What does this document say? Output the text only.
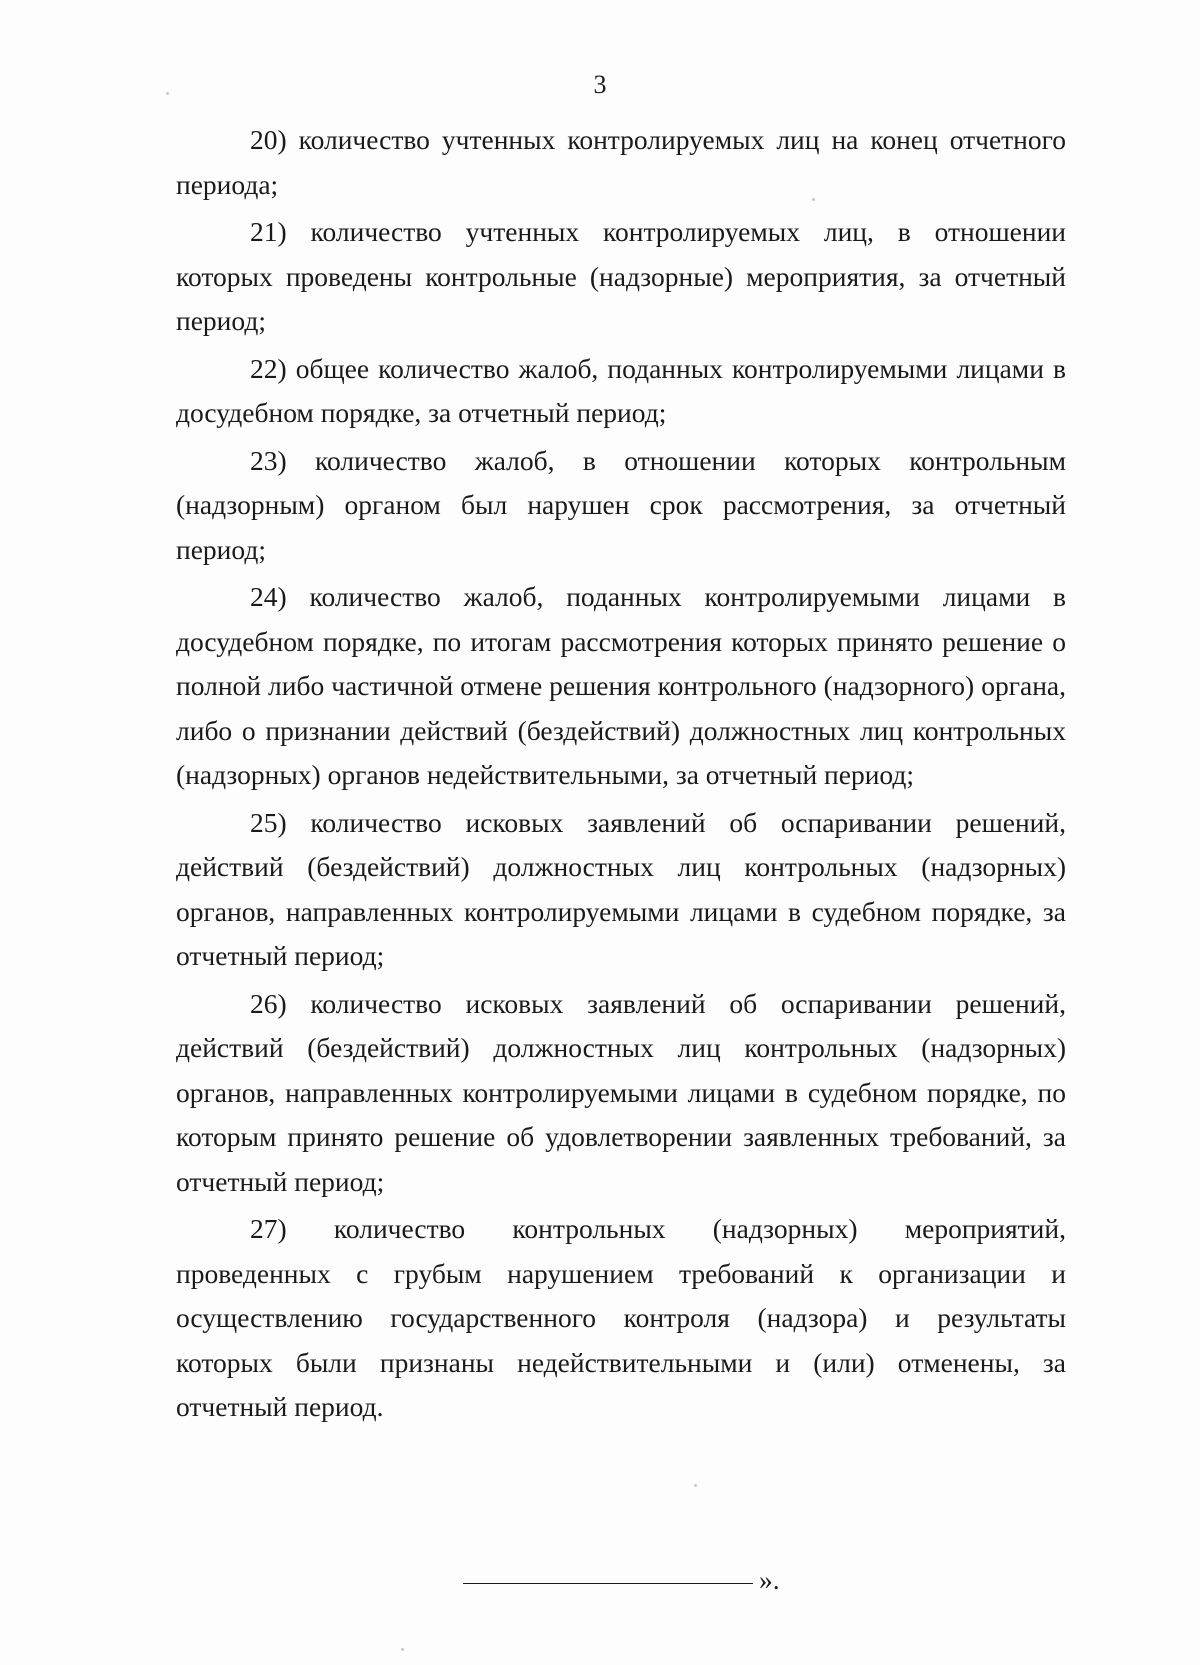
3

20) количество учтенных контролируемых лиц на конец отчетного периода;

21) количество учтенных контролируемых лиц, в отношении которых проведены контрольные (надзорные) мероприятия, за отчетный период;

22) общее количество жалоб, поданных контролируемыми лицами в досудебном порядке, за отчетный период;

23) количество жалоб, в отношении которых контрольным (надзорным) органом был нарушен срок рассмотрения, за отчетный период;

24) количество жалоб, поданных контролируемыми лицами в досудебном порядке, по итогам рассмотрения которых принято решение о полной либо частичной отмене решения контрольного (надзорного) органа, либо о признании действий (бездействий) должностных лиц контрольных (надзорных) органов недействительными, за отчетный период;

25) количество исковых заявлений об оспаривании решений, действий (бездействий) должностных лиц контрольных (надзорных) органов, направленных контролируемыми лицами в судебном порядке, за отчетный период;

26) количество исковых заявлений об оспаривании решений, действий (бездействий) должностных лиц контрольных (надзорных) органов, направленных контролируемыми лицами в судебном порядке, по которым принято решение об удовлетворении заявленных требований, за отчетный период;

27) количество контрольных (надзорных) мероприятий, проведенных с грубым нарушением требований к организации и осуществлению государственного контроля (надзора) и результаты которых были признаны недействительными и (или) отменены, за отчетный период.

».
